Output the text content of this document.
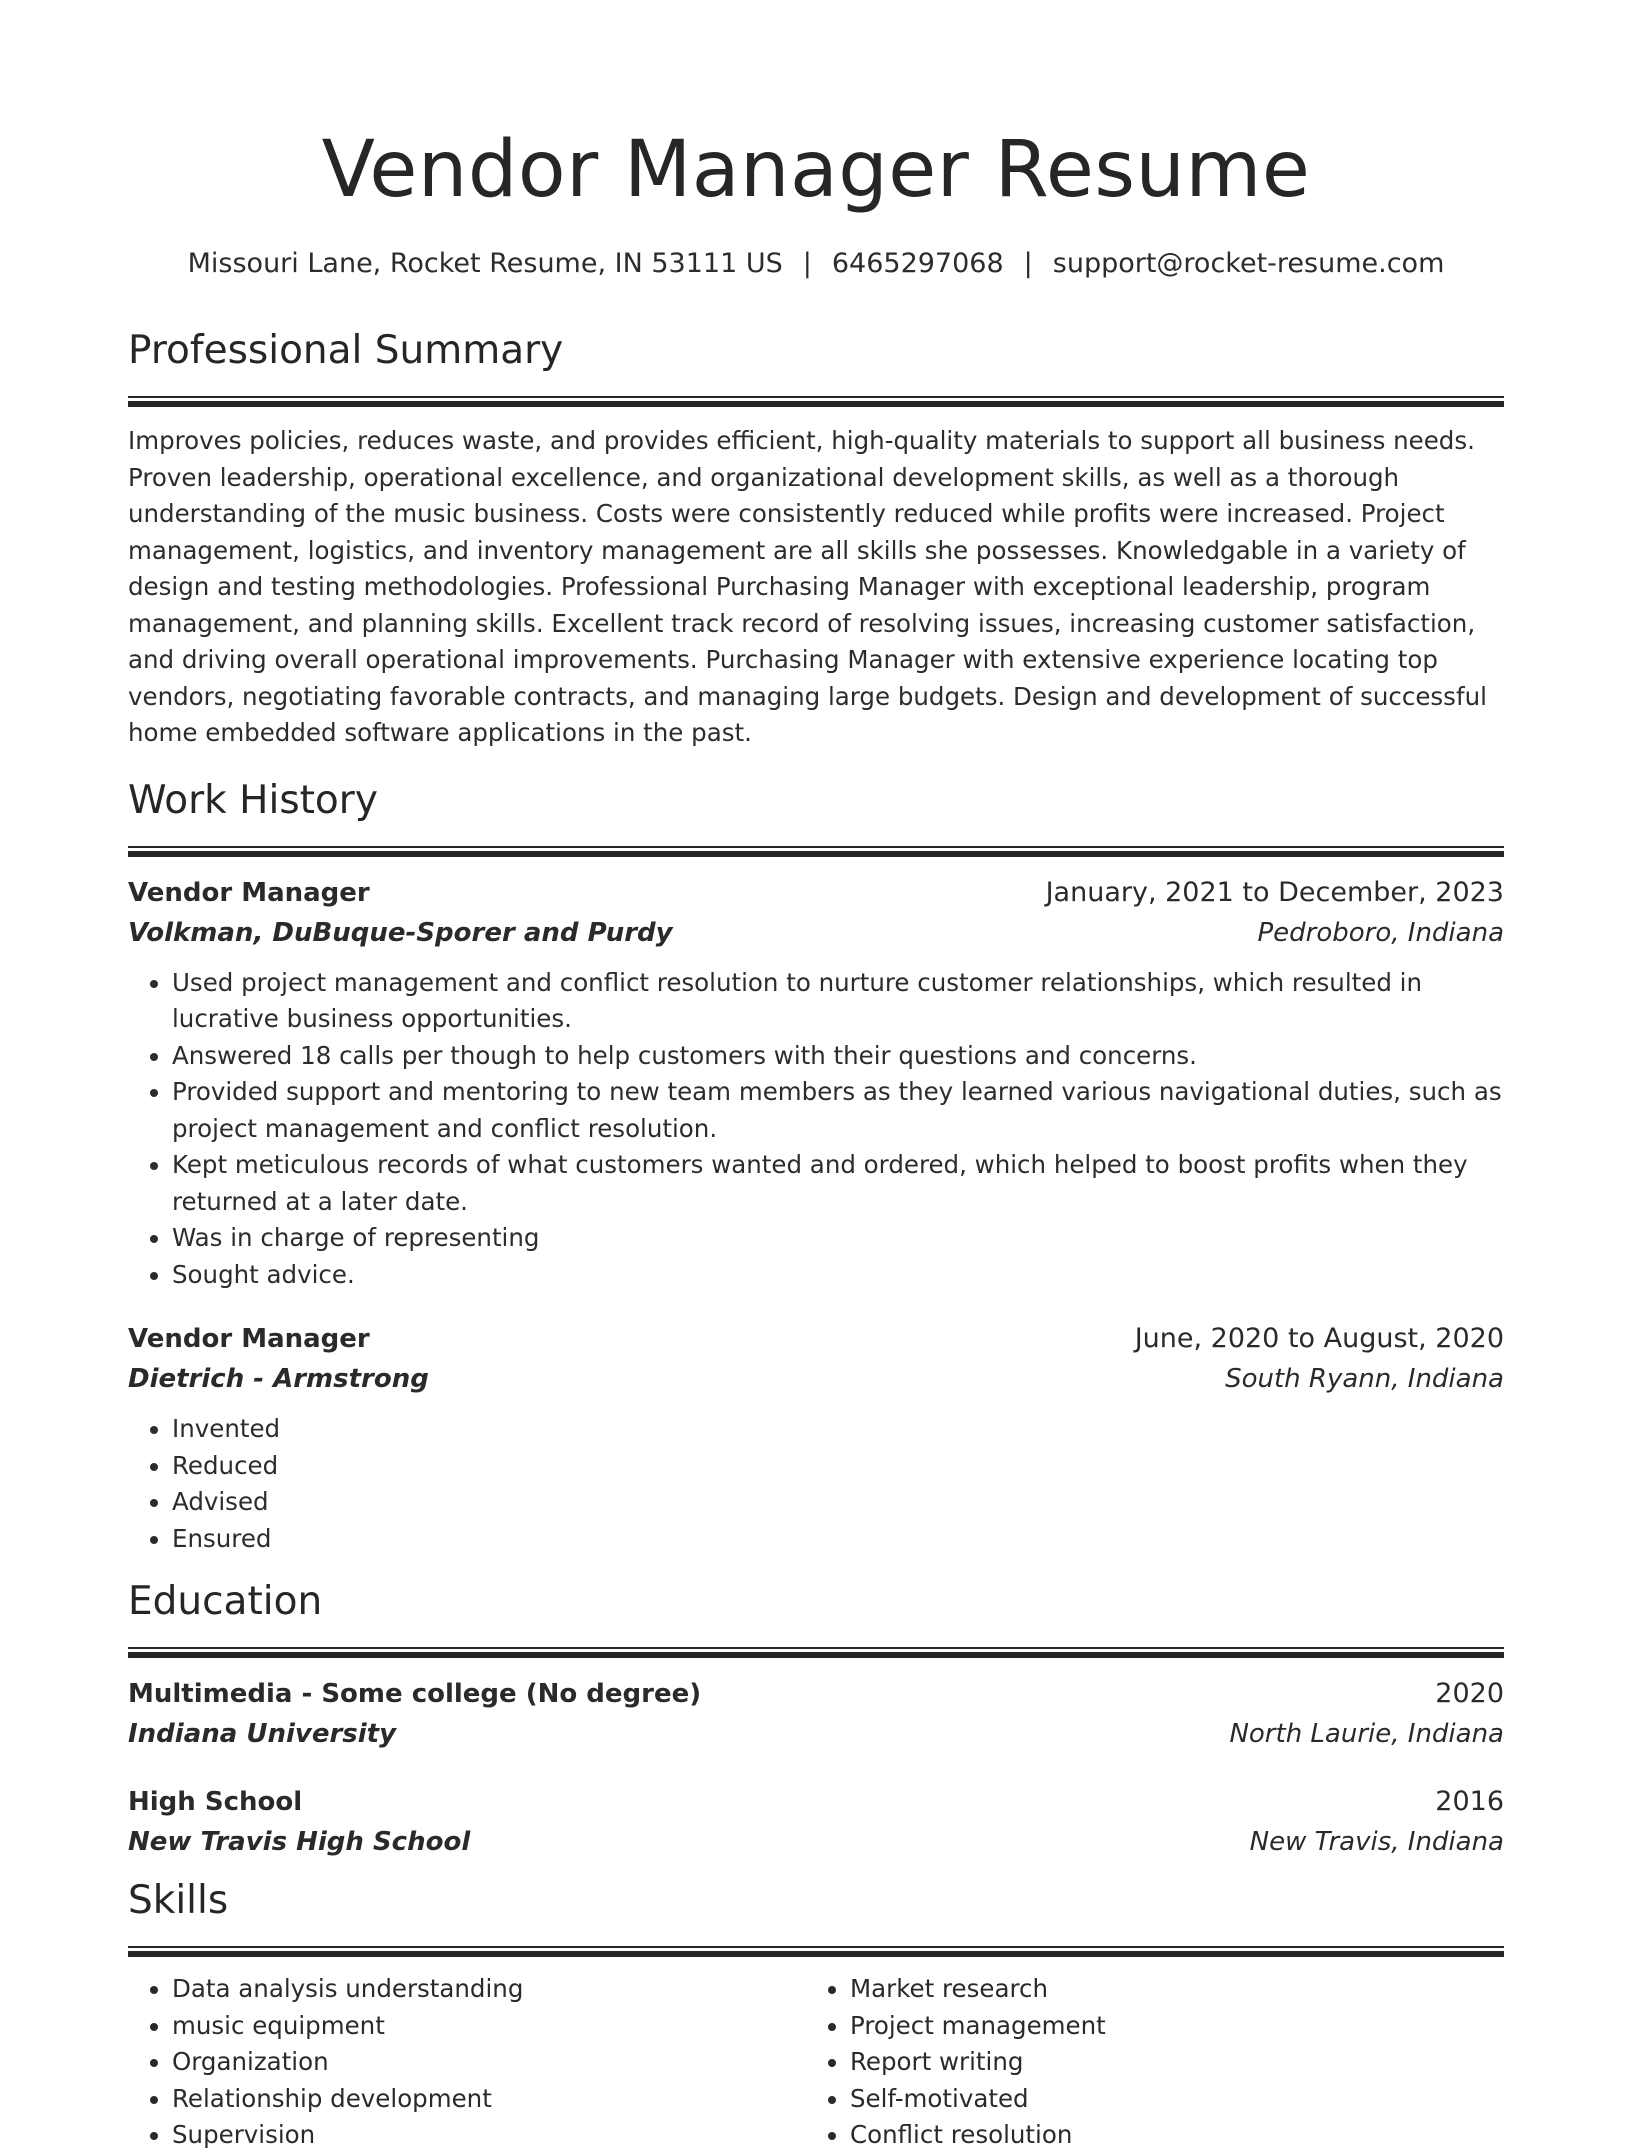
Vendor Manager Resume
Missouri Lane, Rocket Resume, IN 53111 US | 6465297068 | support@rocket-resume.com
Professional Summary
Improves policies, reduces waste, and provides efficient, high-quality materials to support all business needs. Proven leadership, operational excellence, and organizational development skills, as well as a thorough understanding of the music business. Costs were consistently reduced while profits were increased. Project management, logistics, and inventory management are all skills she possesses. Knowledgable in a variety of design and testing methodologies. Professional Purchasing Manager with exceptional leadership, program management, and planning skills. Excellent track record of resolving issues, increasing customer satisfaction, and driving overall operational improvements. Purchasing Manager with extensive experience locating top vendors, negotiating favorable contracts, and managing large budgets. Design and development of successful home embedded software applications in the past.
Work History
Vendor Manager	January, 2021 to December, 2023
Volkman, DuBuque-Sporer and Purdy	Pedroboro, Indiana
• Used project management and conflict resolution to nurture customer relationships, which resulted in lucrative business opportunities.
• Answered 18 calls per though to help customers with their questions and concerns.
• Provided support and mentoring to new team members as they learned various navigational duties, such as project management and conflict resolution.
• Kept meticulous records of what customers wanted and ordered, which helped to boost profits when they returned at a later date.
• Was in charge of representing
• Sought advice.
Vendor Manager	June, 2020 to August, 2020
Dietrich - Armstrong	South Ryann, Indiana
• Invented
• Reduced
• Advised
• Ensured
Education
Multimedia - Some college (No degree)	2020
Indiana University	North Laurie, Indiana
High School	2016
New Travis High School	New Travis, Indiana
Skills
• Data analysis understanding
• music equipment
• Organization
• Relationship development
• Supervision
• Market research
• Project management
• Report writing
• Self-motivated
• Conflict resolution
